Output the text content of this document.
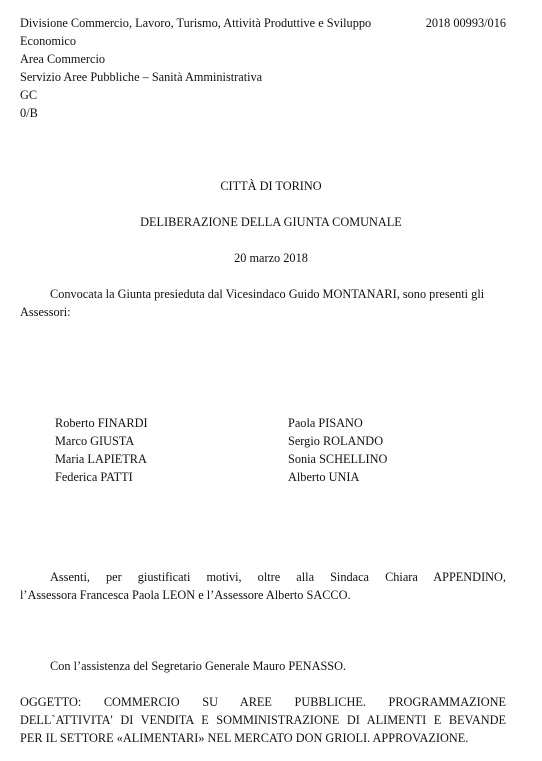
Divisione Commercio, Lavoro, Turismo, Attività Produttive e Sviluppo
Economico
Area Commercio
Servizio Aree Pubbliche – Sanità Amministrativa
GC
0/B
2018 00993/016
CITTÀ DI TORINO
DELIBERAZIONE DELLA GIUNTA COMUNALE
20 marzo 2018
Convocata la Giunta presieduta dal Vicesindaco Guido MONTANARI, sono presenti gli
Assessori:
Roberto FINARDI
Marco GIUSTA
Maria LAPIETRA
Federica PATTI
Paola PISANO
Sergio ROLANDO
Sonia SCHELLINO
Alberto UNIA
Assenti, per giustificati motivi, oltre alla Sindaca Chiara APPENDINO,
l’Assessora Francesca Paola LEON e l’Assessore Alberto SACCO.
Con l’assistenza del Segretario Generale Mauro PENASSO.
OGGETTO: COMMERCIO SU AREE PUBBLICHE. PROGRAMMAZIONE
DELL`ATTIVITA' DI VENDITA E SOMMINISTRAZIONE DI ALIMENTI E BEVANDE
PER IL SETTORE «ALIMENTARI» NEL MERCATO DON GRIOLI. APPROVAZIONE.
